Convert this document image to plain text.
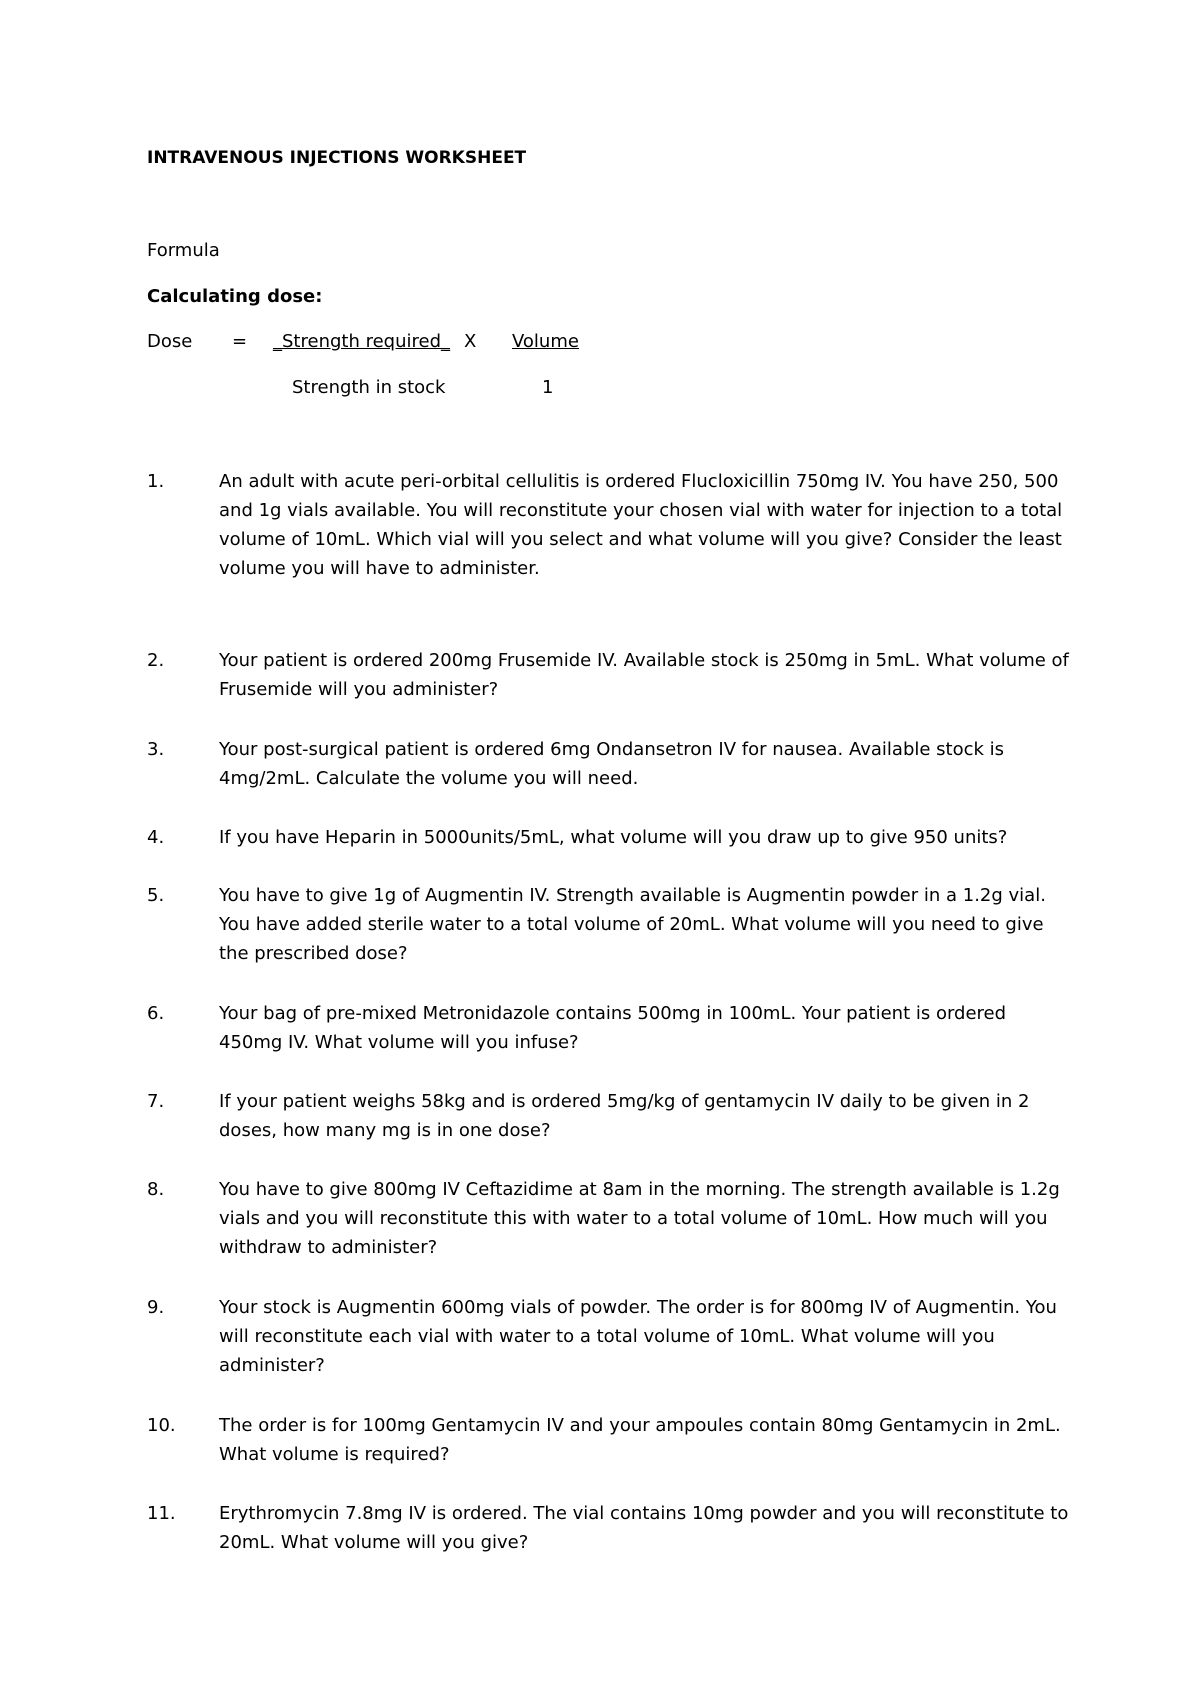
INTRAVENOUS INJECTIONS WORKSHEET
Formula
Calculating dose:
Dose = _Strength required_ X Volume
Strength in stock	1
1.	An adult with acute peri-orbital cellulitis is ordered Flucloxicillin 750mg IV. You have 250, 500 and 1g vials available. You will reconstitute your chosen vial with water for injection to a total volume of 10mL. Which vial will you select and what volume will you give? Consider the least volume you will have to administer.
2.	Your patient is ordered 200mg Frusemide IV. Available stock is 250mg in 5mL. What volume of Frusemide will you administer?
3.	Your post-surgical patient is ordered 6mg Ondansetron IV for nausea. Available stock is 4mg/2mL. Calculate the volume you will need.
4.	If you have Heparin in 5000units/5mL, what volume will you draw up to give 950 units?
5.	You have to give 1g of Augmentin IV. Strength available is Augmentin powder in a 1.2g vial. You have added sterile water to a total volume of 20mL. What volume will you need to give the prescribed dose?
6.	Your bag of pre-mixed Metronidazole contains 500mg in 100mL. Your patient is ordered 450mg IV. What volume will you infuse?
7.	If your patient weighs 58kg and is ordered 5mg/kg of gentamycin IV daily to be given in 2 doses, how many mg is in one dose?
8.	You have to give 800mg IV Ceftazidime at 8am in the morning. The strength available is 1.2g vials and you will reconstitute this with water to a total volume of 10mL. How much will you withdraw to administer?
9.	Your stock is Augmentin 600mg vials of powder. The order is for 800mg IV of Augmentin. You will reconstitute each vial with water to a total volume of 10mL. What volume will you administer?
10. The order is for 100mg Gentamycin IV and your ampoules contain 80mg Gentamycin in 2mL. What volume is required?
11. Erythromycin 7.8mg IV is ordered. The vial contains 10mg powder and you will reconstitute to 20mL. What volume will you give?
